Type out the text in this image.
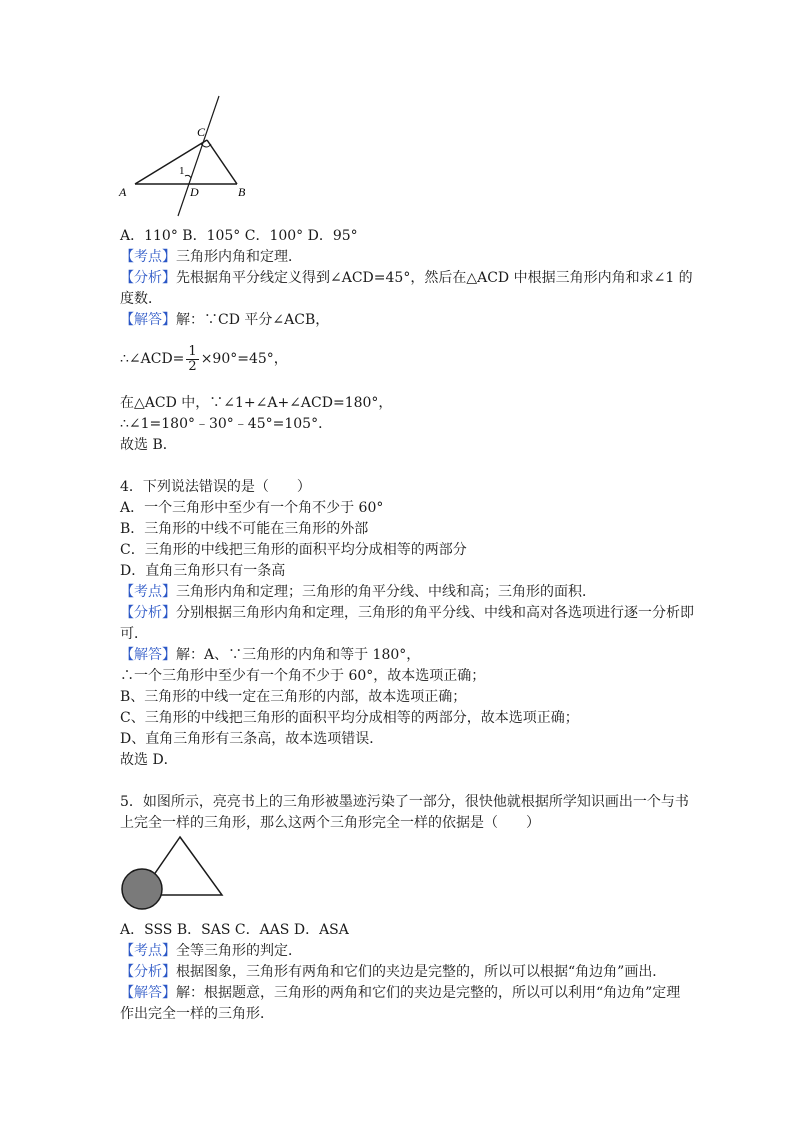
A	B
C
D
1
A．110° B．105° C．100° D．95°
【考点】三角形内角和定理．
【分析】先根据角平分线定义得到∠ACD=45°，然后在△ACD 中根据三角形内角和求∠1 的
度数．
【解答】解：∵CD 平分∠ACB，
∴∠ACD= $\frac{1}{2} \times 90^\circ=45^\circ$，
在△ACD 中，∵∠1+∠A+∠ACD=180°，
∴∠1=180°﹣30°﹣45°=105°．
故选 B．
4．下列说法错误的是（　　）
A．一个三角形中至少有一个角不少于 60°
B．三角形的中线不可能在三角形的外部
C．三角形的中线把三角形的面积平均分成相等的两部分
D．直角三角形只有一条高
【考点】三角形内角和定理；三角形的角平分线、中线和高；三角形的面积．
【分析】分别根据三角形内角和定理，三角形的角平分线、中线和高对各选项进行逐一分析即
可．
【解答】解：A、∵三角形的内角和等于 180°，
∴一个三角形中至少有一个角不少于 60°，故本选项正确；
B、三角形的中线一定在三角形的内部，故本选项正确；
C、三角形的中线把三角形的面积平均分成相等的两部分，故本选项正确；
D、直角三角形有三条高，故本选项错误．
故选 D．
5．如图所示，亮亮书上的三角形被墨迹污染了一部分，很快他就根据所学知识画出一个与书
上完全一样的三角形，那么这两个三角形完全一样的依据是（　　）
A．SSS B．SAS C．AAS D．ASA
【考点】全等三角形的判定．
【分析】根据图象，三角形有两角和它们的夹边是完整的，所以可以根据“角边角”画出．
【解答】解：根据题意，三角形的两角和它们的夹边是完整的，所以可以利用“角边角”定理
作出完全一样的三角形．
